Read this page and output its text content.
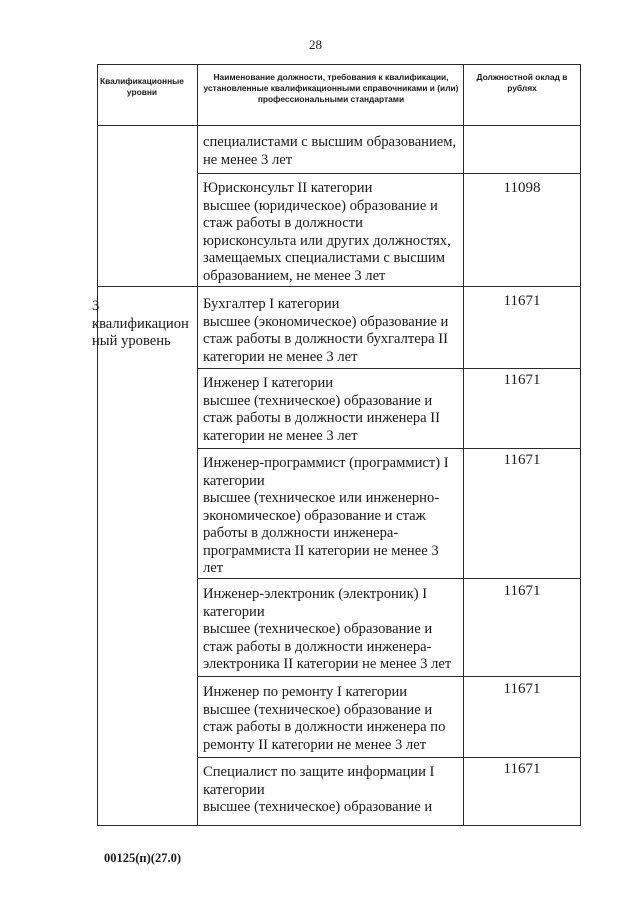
28
Квалификационные уровни
Наименование должности, требования к квалификации, установленные квалификационными справочниками и (или) профессиональными стандартами
Должностной оклад в рублях
3
квалификацион
ный уровень
специалистами с высшим образованием,
не менее 3 лет
Юрисконсульт II категории
высшее (юридическое) образование и
стаж работы в должности
юрисконсульта или других должностях,
замещаемых специалистами с высшим
образованием, не менее 3 лет
11098
Бухгалтер I категории
высшее (экономическое) образование и
стаж работы в должности бухгалтера II
категории не менее 3 лет
11671
Инженер I категории
высшее (техническое) образование и
стаж работы в должности инженера II
категории не менее 3 лет
11671
Инженер-программист (программист) I
категории
высшее (техническое или инженерно-
экономическое) образование и стаж
работы в должности инженера-
программиста II категории не менее 3
лет
11671
Инженер-электроник (электроник) I
категории
высшее (техническое) образование и
стаж работы в должности инженера-
электроника II категории не менее 3 лет
11671
Инженер по ремонту I категории
высшее (техническое) образование и
стаж работы в должности инженера по
ремонту II категории не менее 3 лет
11671
Специалист по защите информации I
категории
высшее (техническое) образование и
11671
00125(п)(27.0)
